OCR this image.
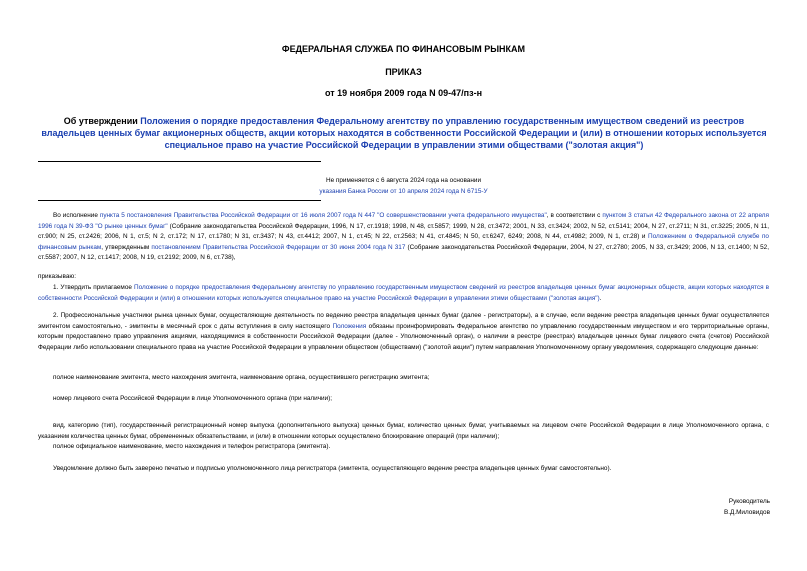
ФЕДЕРАЛЬНАЯ СЛУЖБА ПО ФИНАНСОВЫМ РЫНКАМ
ПРИКАЗ
от 19 ноября 2009 года N 09-47/пз-н
Об утверждении Положения о порядке предоставления Федеральному агентству по управлению государственным имуществом сведений из реестров владельцев ценных бумаг акционерных обществ, акции которых находятся в собственности Российской Федерации и (или) в отношении которых используется специальное право на участие Российской Федерации в управлении этими обществами ("золотая акция")
Не применяется с 6 августа 2024 года на основании
указания Банка России от 10 апреля 2024 года N 6715-У
Во исполнение пункта 5 постановления Правительства Российской Федерации от 16 июля 2007 года N 447 "О совершенствовании учета федерального имущества", в соответствии с пунктом 3 статьи 42 Федерального закона от 22 апреля 1996 года N 39-ФЗ "О рынке ценных бумаг" (Собрание законодательства Российской Федерации, 1996, N 17, ст.1918; 1998, N 48, ст.5857; 1999, N 28, ст.3472; 2001, N 33, ст.3424; 2002, N 52, ст.5141; 2004, N 27, ст.2711; N 31, ст.3225; 2005, N 11, ст.900; N 25, ст.2426; 2006, N 1, ст.5; N 2, ст.172; N 17, ст.1780; N 31, ст.3437; N 43, ст.4412; 2007, N 1, ст.45; N 22, ст.2563; N 41, ст.4845; N 50, ст.6247, 6249; 2008, N 44, ст.4982; 2009, N 1, ст.28) и Положением о Федеральной службе по финансовым рынкам, утвержденным постановлением Правительства Российской Федерации от 30 июня 2004 года N 317 (Собрание законодательства Российской Федерации, 2004, N 27, ст.2780; 2005, N 33, ст.3429; 2006, N 13, ст.1400; N 52, ст.5587; 2007, N 12, ст.1417; 2008, N 19, ст.2192; 2009, N 6, ст.738),
приказываю:
1. Утвердить прилагаемое Положение о порядке предоставления Федеральному агентству по управлению государственным имуществом сведений из реестров владельцев ценных бумаг акционерных обществ, акции которых находятся в собственности Российской Федерации и (или) в отношении которых используется специальное право на участие Российской Федерации в управлении этими обществами ("золотая акция").
2. Профессиональные участники рынка ценных бумаг, осуществляющие деятельность по ведению реестра владельцев ценных бумаг (далее - регистраторы), а в случае, если ведение реестра владельцев ценных бумаг осуществляется эмитентом самостоятельно, - эмитенты в месячный срок с даты вступления в силу настоящего Положения обязаны проинформировать Федеральное агентство по управлению государственным имуществом и его территориальные органы, которым предоставлено право управления акциями, находящимися в собственности Российской Федерации (далее - Уполномоченный орган), о наличии в реестре (реестрах) владельцев ценных бумаг лицевого счета (счетов) Российской Федерации либо использовании специального права на участие Российской Федерации в управлении обществом (обществами) ("золотой акции") путем направления Уполномоченному органу уведомления, содержащего следующие данные:
полное наименование эмитента, место нахождения эмитента, наименование органа, осуществившего регистрацию эмитента;
номер лицевого счета Российской Федерации в лице Уполномоченного органа (при наличии);
вид, категорию (тип), государственный регистрационный номер выпуска (дополнительного выпуска) ценных бумаг, количество ценных бумаг, учитываемых на лицевом счете Российской Федерации в лице Уполномоченного органа, с указанием количества ценных бумаг, обремененных обязательствами, и (или) в отношении которых осуществлено блокирование операций (при наличии);
полное официальное наименование, место нахождения и телефон регистратора (эмитента).
Уведомление должно быть заверено печатью и подписью уполномоченного лица регистратора (эмитента, осуществляющего ведение реестра владельцев ценных бумаг самостоятельно).
Руководитель
В.Д.Миловидов
